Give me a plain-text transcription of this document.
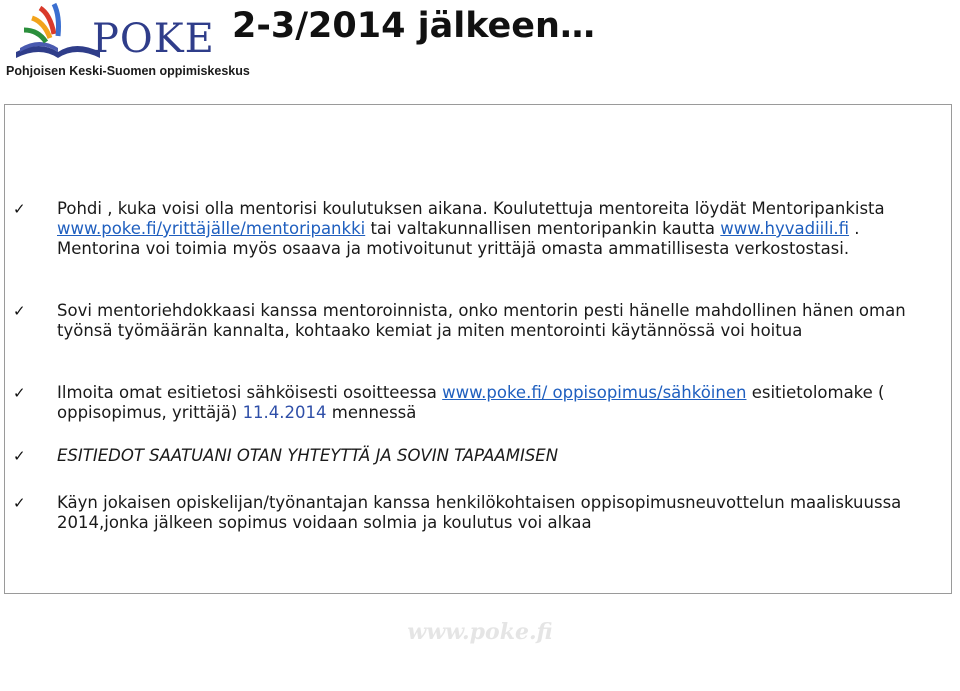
POKE
Pohjoisen Keski-Suomen oppimiskeskus
2-3/2014 jälkeen…
✓	Pohdi , kuka voisi olla mentorisi koulutuksen aikana. Koulutettuja mentoreita löydät Mentoripankista www.poke.fi/yrittäjälle/mentoripankki tai valtakunnallisen mentoripankin kautta www.hyvadiili.fi . Mentorina voi toimia myös osaava ja motivoitunut yrittäjä omasta ammatillisesta verkostostasi.
✓	Sovi mentoriehdokkaasi kanssa mentoroinnista, onko mentorin pesti hänelle mahdollinen hänen oman työnsä työmäärän kannalta, kohtaako kemiat ja miten mentorointi käytännössä voi hoitua
✓	Ilmoita omat esitietosi sähköisesti osoitteessa www.poke.fi/ oppisopimus/sähköinen esitietolomake ( oppisopimus, yrittäjä) 11.4.2014 mennessä
✓	ESITIEDOT SAATUANI OTAN YHTEYTTÄ JA SOVIN TAPAAMISEN
✓	Käyn jokaisen opiskelijan/työnantajan kanssa henkilökohtaisen oppisopimusneuvottelun maaliskuussa 2014,jonka jälkeen sopimus voidaan solmia ja koulutus voi alkaa
www.poke.fi
